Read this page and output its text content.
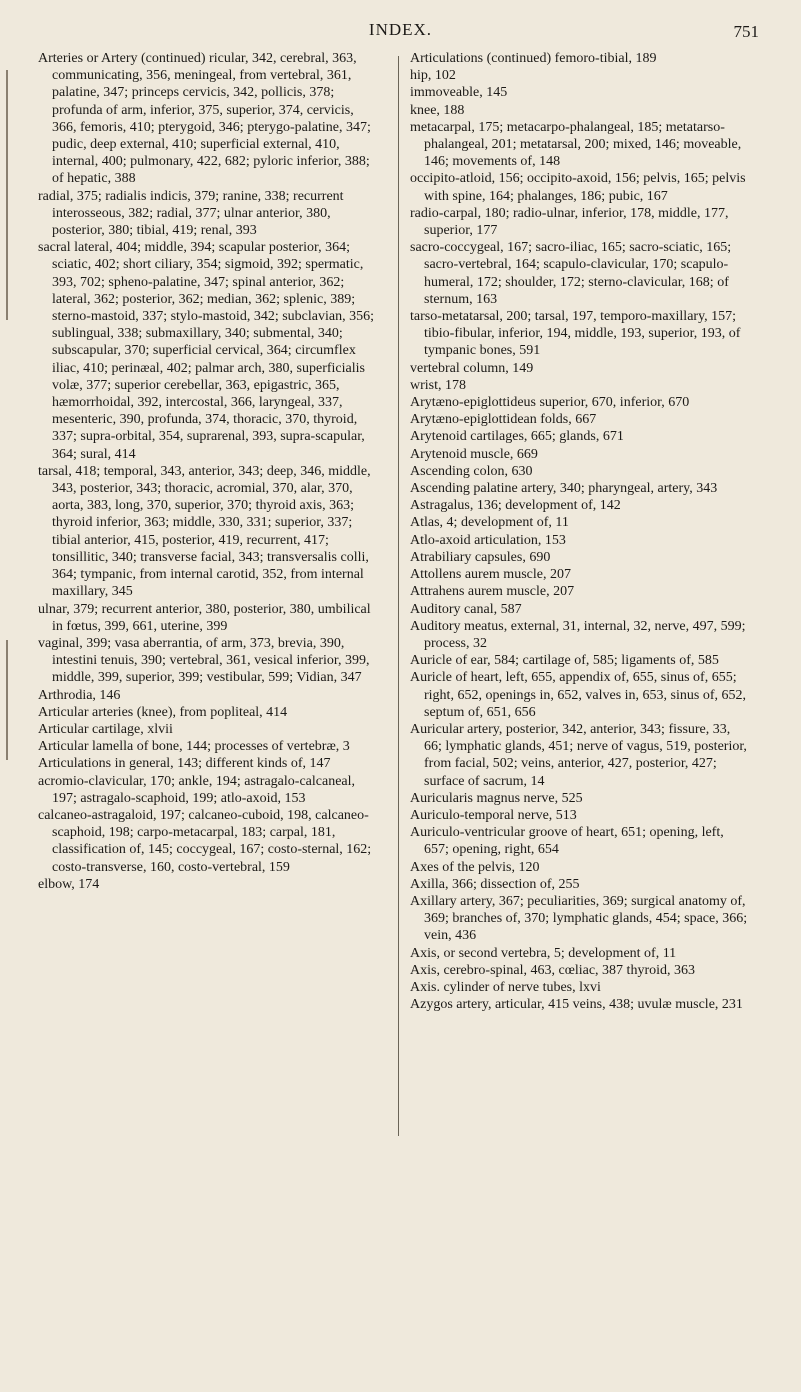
INDEX.	751

Arteries or Artery (continued) ricular, 342, cerebral, 363, communicating, 356, meningeal, from vertebral, 361, palatine, 347; princeps cervicis, 342, pollicis, 378; profunda of arm, inferior, 375, superior, 374, cervicis, 366, femoris, 410; pterygoid, 346; pterygo-palatine, 347; pudic, deep external, 410; superficial external, 410, internal, 400; pulmonary, 422, 682; pyloric inferior, 388; of hepatic, 388

radial, 375; radialis indicis, 379; ranine, 338; recurrent interosseous, 382; radial, 377; ulnar anterior, 380, posterior, 380; tibial, 419; renal, 393

sacral lateral, 404; middle, 394; scapular posterior, 364; sciatic, 402; short ciliary, 354; sigmoid, 392; spermatic, 393, 702; spheno-palatine, 347; spinal anterior, 362; lateral, 362; posterior, 362; median, 362; splenic, 389; sterno-mastoid, 337; stylo-mastoid, 342; subclavian, 356; sublingual, 338; submaxillary, 340; submental, 340; subscapular, 370; superficial cervical, 364; circumflex iliac, 410; perinæal, 402; palmar arch, 380, superficialis volæ, 377; superior cerebellar, 363, epigastric, 365, hæmorrhoidal, 392, intercostal, 366, laryngeal, 337, mesenteric, 390, profunda, 374, thoracic, 370, thyroid, 337; supra-orbital, 354, suprarenal, 393, supra-scapular, 364; sural, 414

tarsal, 418; temporal, 343, anterior, 343; deep, 346, middle, 343, posterior, 343; thoracic, acromial, 370, alar, 370, aorta, 383, long, 370, superior, 370; thyroid axis, 363; thyroid inferior, 363; middle, 330, 331; superior, 337; tibial anterior, 415, posterior, 419, recurrent, 417; tonsillitic, 340; transverse facial, 343; transversalis colli, 364; tympanic, from internal carotid, 352, from internal maxillary, 345

ulnar, 379; recurrent anterior, 380, posterior, 380, umbilical in fœtus, 399, 661, uterine, 399

vaginal, 399; vasa aberrantia, of arm, 373, brevia, 390, intestini tenuis, 390; vertebral, 361, vesical inferior, 399, middle, 399, superior, 399; vestibular, 599; Vidian, 347

Arthrodia, 146

Articular arteries (knee), from popliteal, 414

Articular cartilage, xlvii

Articular lamella of bone, 144; processes of vertebræ, 3

Articulations in general, 143; different kinds of, 147

acromio-clavicular, 170; ankle, 194; astragalo-calcaneal, 197; astragalo-scaphoid, 199; atlo-axoid, 153

calcaneo-astragaloid, 197; calcaneo-cuboid, 198, calcaneo-scaphoid, 198; carpo-metacarpal, 183; carpal, 181, classification of, 145; coccygeal, 167; costo-sternal, 162; costo-transverse, 160, costo-vertebral, 159

elbow, 174

Articulations (continued) femoro-tibial, 189

hip, 102

immoveable, 145

knee, 188

metacarpal, 175; metacarpo-phalangeal, 185; metatarso-phalangeal, 201; metatarsal, 200; mixed, 146; moveable, 146; movements of, 148

occipito-atloid, 156; occipito-axoid, 156; pelvis, 165; pelvis with spine, 164; phalanges, 186; pubic, 167

radio-carpal, 180; radio-ulnar, inferior, 178, middle, 177, superior, 177

sacro-coccygeal, 167; sacro-iliac, 165; sacro-sciatic, 165; sacro-vertebral, 164; scapulo-clavicular, 170; scapulo-humeral, 172; shoulder, 172; sterno-clavicular, 168; of sternum, 163

tarso-metatarsal, 200; tarsal, 197, temporo-maxillary, 157; tibio-fibular, inferior, 194, middle, 193, superior, 193, of tympanic bones, 591

vertebral column, 149

wrist, 178

Arytæno-epiglottideus superior, 670, inferior, 670

Arytæno-epiglottidean folds, 667

Arytenoid cartilages, 665; glands, 671

Arytenoid muscle, 669

Ascending colon, 630

Ascending palatine artery, 340; pharyngeal, artery, 343

Astragalus, 136; development of, 142

Atlas, 4; development of, 11

Atlo-axoid articulation, 153

Atrabiliary capsules, 690

Attollens aurem muscle, 207

Attrahens aurem muscle, 207

Auditory canal, 587

Auditory meatus, external, 31, internal, 32, nerve, 497, 599; process, 32

Auricle of ear, 584; cartilage of, 585; ligaments of, 585

Auricle of heart, left, 655, appendix of, 655, sinus of, 655; right, 652, openings in, 652, valves in, 653, sinus of, 652, septum of, 651, 656

Auricular artery, posterior, 342, anterior, 343; fissure, 33, 66; lymphatic glands, 451; nerve of vagus, 519, posterior, from facial, 502; veins, anterior, 427, posterior, 427; surface of sacrum, 14

Auricularis magnus nerve, 525

Auriculo-temporal nerve, 513

Auriculo-ventricular groove of heart, 651; opening, left, 657; opening, right, 654

Axes of the pelvis, 120

Axilla, 366; dissection of, 255

Axillary artery, 367; peculiarities, 369; surgical anatomy of, 369; branches of, 370; lymphatic glands, 454; space, 366; vein, 436

Axis, or second vertebra, 5; development of, 11

Axis, cerebro-spinal, 463, cœliac, 387 thyroid, 363

Axis. cylinder of nerve tubes, lxvi

Azygos artery, articular, 415 veins, 438; uvulæ muscle, 231
